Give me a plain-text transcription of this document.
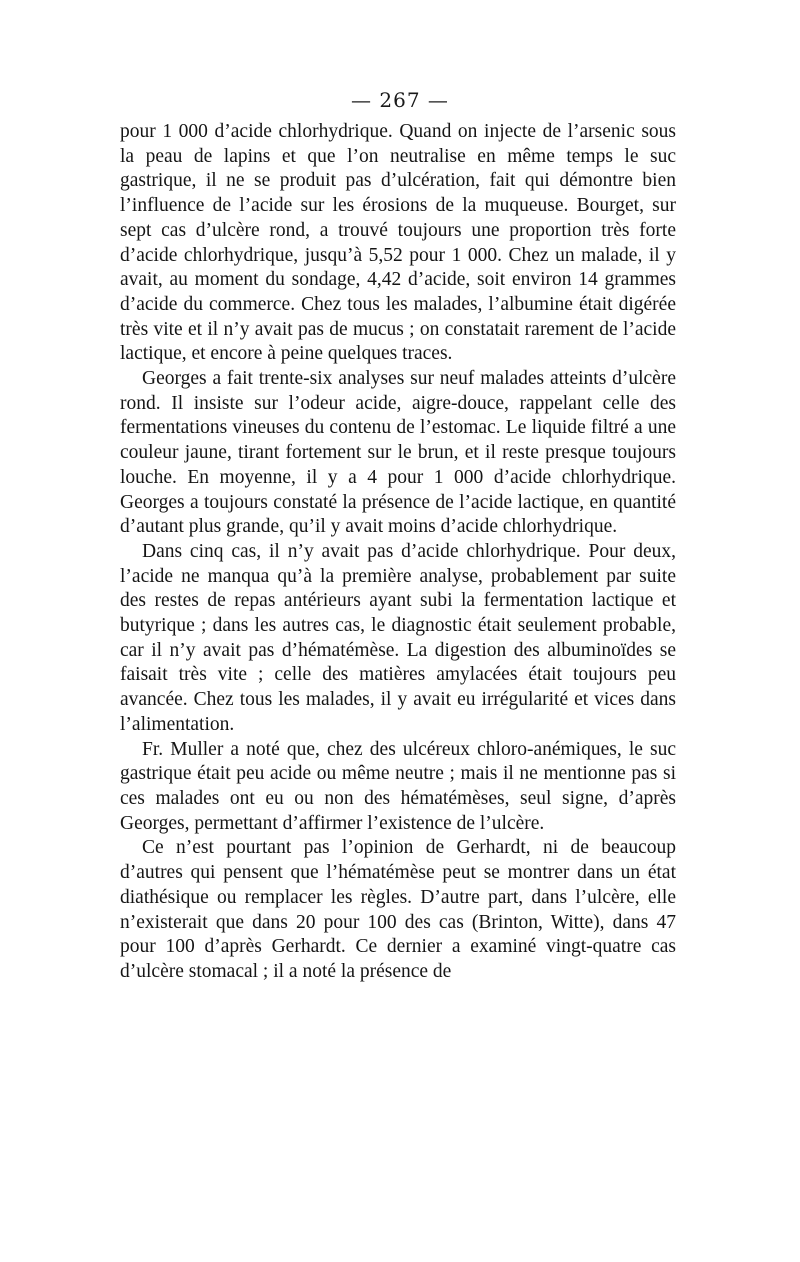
— 267 —

pour 1 000 d’acide chlorhydrique. Quand on injecte de l’arsenic sous la peau de lapins et que l’on neutralise en même temps le suc gastrique, il ne se produit pas d’ulcération, fait qui démontre bien l’influence de l’acide sur les érosions de la muqueuse. Bourget, sur sept cas d’ulcère rond, a trouvé toujours une proportion très forte d’acide chlorhydrique, jusqu’à 5,52 pour 1 000. Chez un malade, il y avait, au moment du sondage, 4,42 d’acide, soit environ 14 grammes d’acide du commerce. Chez tous les malades, l’albumine était digérée très vite et il n’y avait pas de mucus ; on constatait rarement de l’acide lactique, et encore à peine quelques traces.

Georges a fait trente-six analyses sur neuf malades atteints d’ulcère rond. Il insiste sur l’odeur acide, aigre-douce, rappelant celle des fermentations vineuses du contenu de l’estomac. Le liquide filtré a une couleur jaune, tirant fortement sur le brun, et il reste presque toujours louche. En moyenne, il y a 4 pour 1 000 d’acide chlorhydrique. Georges a toujours constaté la présence de l’acide lactique, en quantité d’autant plus grande, qu’il y avait moins d’acide chlorhydrique.

Dans cinq cas, il n’y avait pas d’acide chlorhydrique. Pour deux, l’acide ne manqua qu’à la première analyse, probablement par suite des restes de repas antérieurs ayant subi la fermentation lactique et butyrique ; dans les autres cas, le diagnostic était seulement probable, car il n’y avait pas d’hématémèse. La digestion des albuminoïdes se faisait très vite ; celle des matières amylacées était toujours peu avancée. Chez tous les malades, il y avait eu irrégularité et vices dans l’alimentation.

Fr. Muller a noté que, chez des ulcéreux chloro-anémiques, le suc gastrique était peu acide ou même neutre ; mais il ne mentionne pas si ces malades ont eu ou non des hématémèses, seul signe, d’après Georges, permettant d’affirmer l’existence de l’ulcère.

Ce n’est pourtant pas l’opinion de Gerhardt, ni de beaucoup d’autres qui pensent que l’hématémèse peut se montrer dans un état diathésique ou remplacer les règles. D’autre part, dans l’ulcère, elle n’existerait que dans 20 pour 100 des cas (Brinton, Witte), dans 47 pour 100 d’après Gerhardt. Ce dernier a examiné vingt-quatre cas d’ulcère stomacal ; il a noté la présence de
